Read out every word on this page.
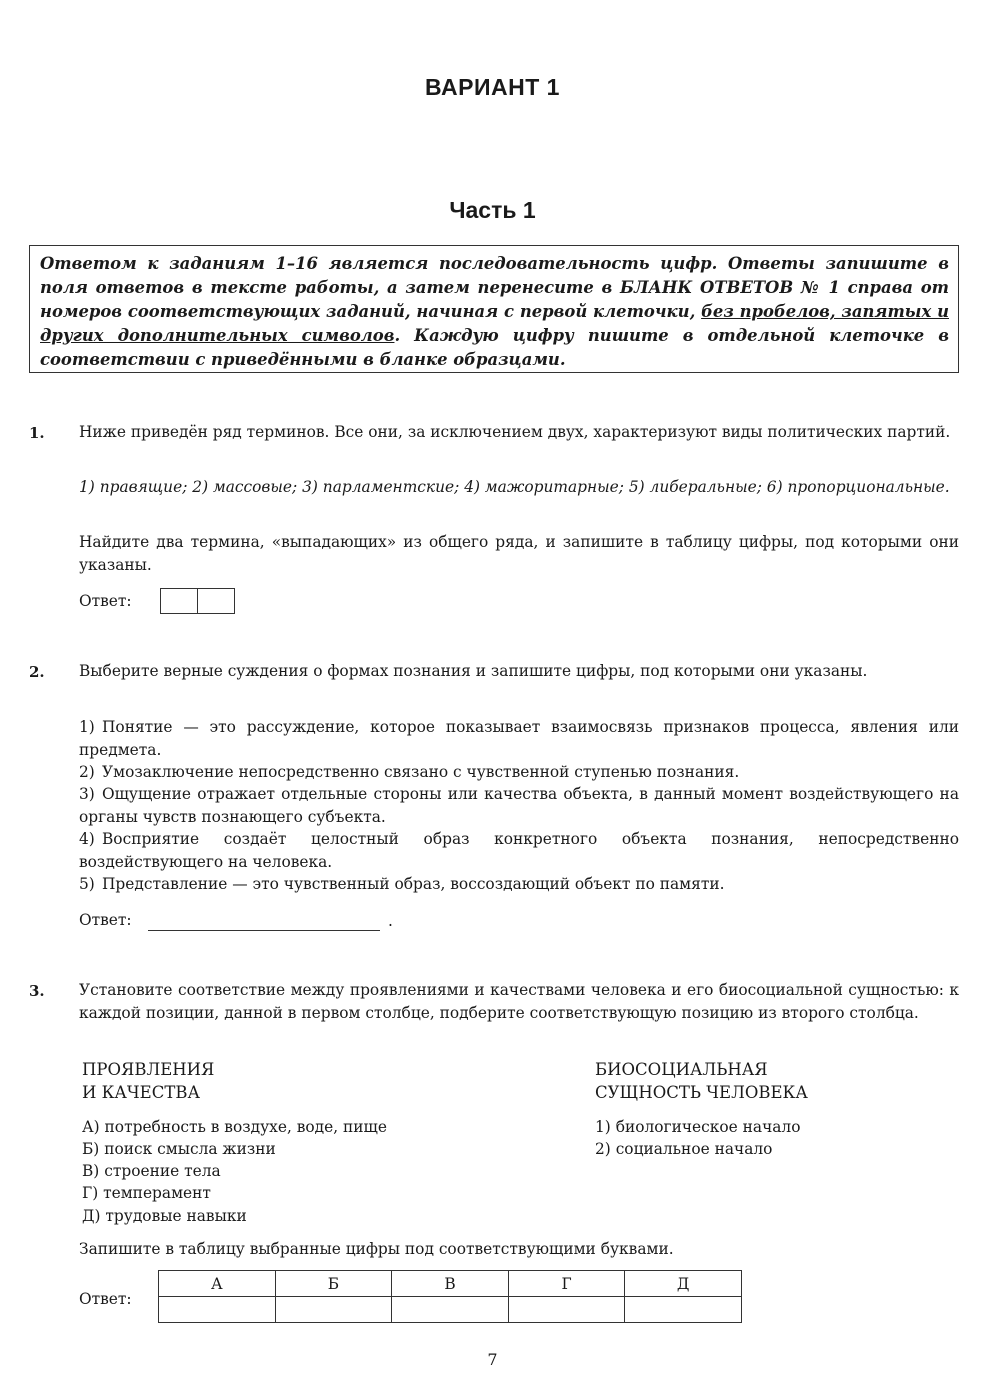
ВАРИАНТ 1
Часть 1
Ответом к заданиям 1–16 является последовательность цифр. Ответы запишите в поля ответов в тексте работы, а затем перенесите в БЛАНК ОТВЕТОВ № 1 справа от номеров соответствующих заданий, начиная с первой клеточки, без пробелов, запятых и других дополнительных символов. Каждую цифру пишите в отдельной клеточке в соответствии с приведёнными в бланке образцами.
1. Ниже приведён ряд терминов. Все они, за исключением двух, характеризуют виды политических партий.
1) правящие; 2) массовые; 3) парламентские; 4) мажоритарные; 5) либеральные; 6) пропорциональные.
Найдите два термина, «выпадающих» из общего ряда, и запишите в таблицу цифры, под которыми они указаны.
Ответ:
2. Выберите верные суждения о формах познания и запишите цифры, под которыми они указаны.
1) Понятие — это рассуждение, которое показывает взаимосвязь признаков процесса, явления или предмета.
2) Умозаключение непосредственно связано с чувственной ступенью познания.
3) Ощущение отражает отдельные стороны или качества объекта, в данный момент воздействующего на органы чувств познающего субъекта.
4) Восприятие создаёт целостный образ конкретного объекта познания, непосредственно воздействующего на человека.
5) Представление — это чувственный образ, воссоздающий объект по памяти.
Ответ:	.
3. Установите соответствие между проявлениями и качествами человека и его биосоциальной сущностью: к каждой позиции, данной в первом столбце, подберите соответствующую позицию из второго столбца.
ПРОЯВЛЕНИЯ
И КАЧЕСТВА
БИОСОЦИАЛЬНАЯ
СУЩНОСТЬ ЧЕЛОВЕКА
А) потребность в воздухе, воде, пище
Б) поиск смысла жизни
В) строение тела
Г) темперамент
Д) трудовые навыки
1) биологическое начало
2) социальное начало
Запишите в таблицу выбранные цифры под соответствующими буквами.
Ответ:
А	Б	В	Г	Д

7
